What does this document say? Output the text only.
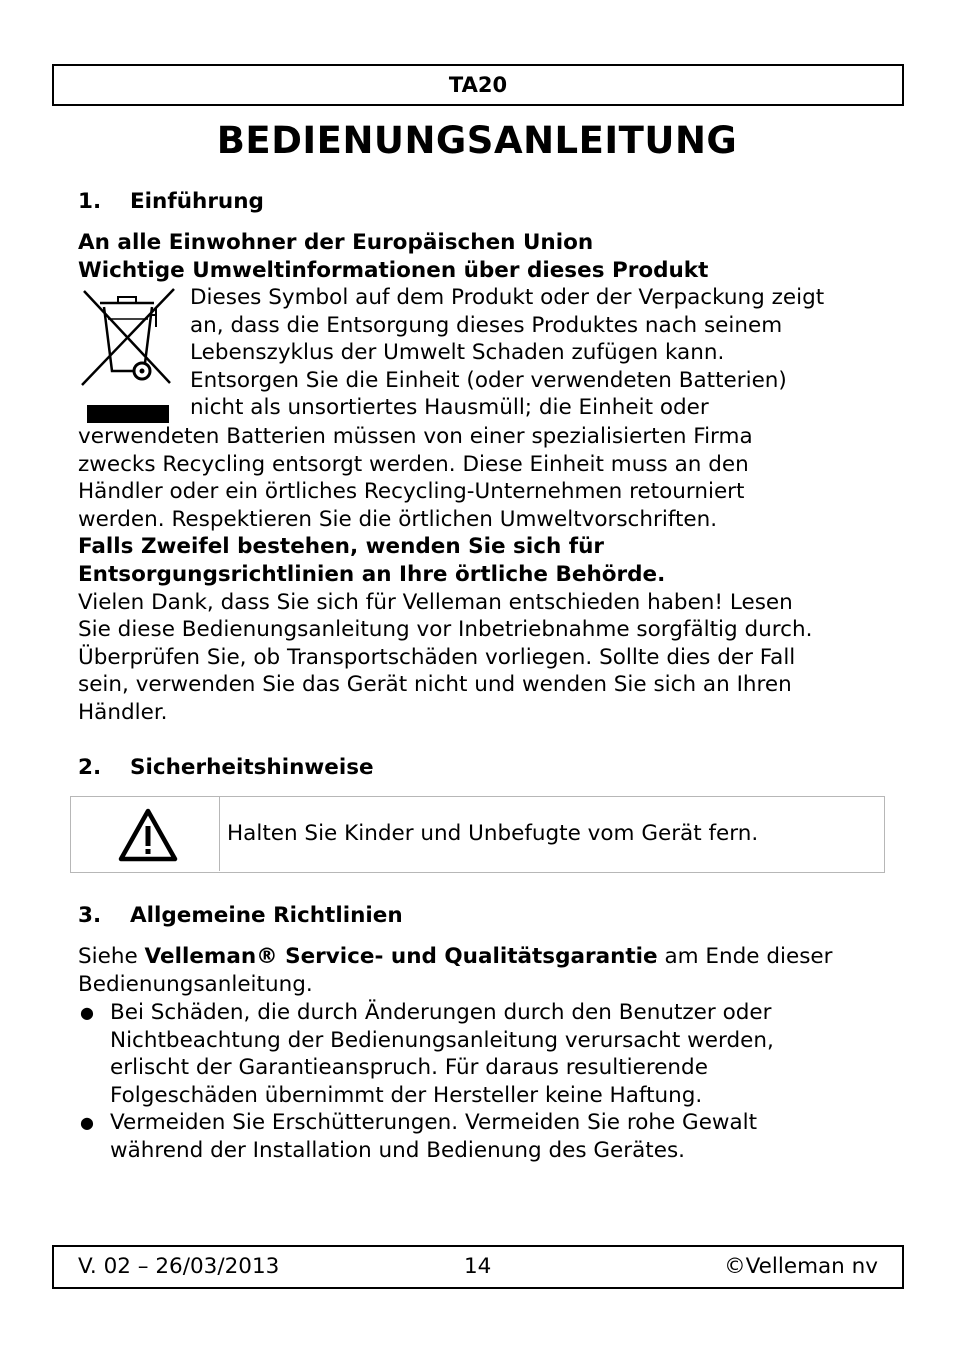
TA20
BEDIENUNGSANLEITUNG
1. Einführung
An alle Einwohner der Europäischen Union
Wichtige Umweltinformationen über dieses Produkt
Dieses Symbol auf dem Produkt oder der Verpackung zeigt
an, dass die Entsorgung dieses Produktes nach seinem
Lebenszyklus der Umwelt Schaden zufügen kann.
Entsorgen Sie die Einheit (oder verwendeten Batterien)
nicht als unsortiertes Hausmüll; die Einheit oder
verwendeten Batterien müssen von einer spezialisierten Firma
zwecks Recycling entsorgt werden. Diese Einheit muss an den
Händler oder ein örtliches Recycling-Unternehmen retourniert
werden. Respektieren Sie die örtlichen Umweltvorschriften.
Falls Zweifel bestehen, wenden Sie sich für
Entsorgungsrichtlinien an Ihre örtliche Behörde.
Vielen Dank, dass Sie sich für Velleman entschieden haben! Lesen
Sie diese Bedienungsanleitung vor Inbetriebnahme sorgfältig durch.
Überprüfen Sie, ob Transportschäden vorliegen. Sollte dies der Fall
sein, verwenden Sie das Gerät nicht und wenden Sie sich an Ihren
Händler.
2. Sicherheitshinweise
Halten Sie Kinder und Unbefugte vom Gerät fern.
3. Allgemeine Richtlinien
Siehe Velleman® Service- und Qualitätsgarantie am Ende dieser
Bedienungsanleitung.
● Bei Schäden, die durch Änderungen durch den Benutzer oder
Nichtbeachtung der Bedienungsanleitung verursacht werden,
erlischt der Garantieanspruch. Für daraus resultierende
Folgeschäden übernimmt der Hersteller keine Haftung.
● Vermeiden Sie Erschütterungen. Vermeiden Sie rohe Gewalt
während der Installation und Bedienung des Gerätes.
V. 02 – 26/03/2013	14	©Velleman nv
